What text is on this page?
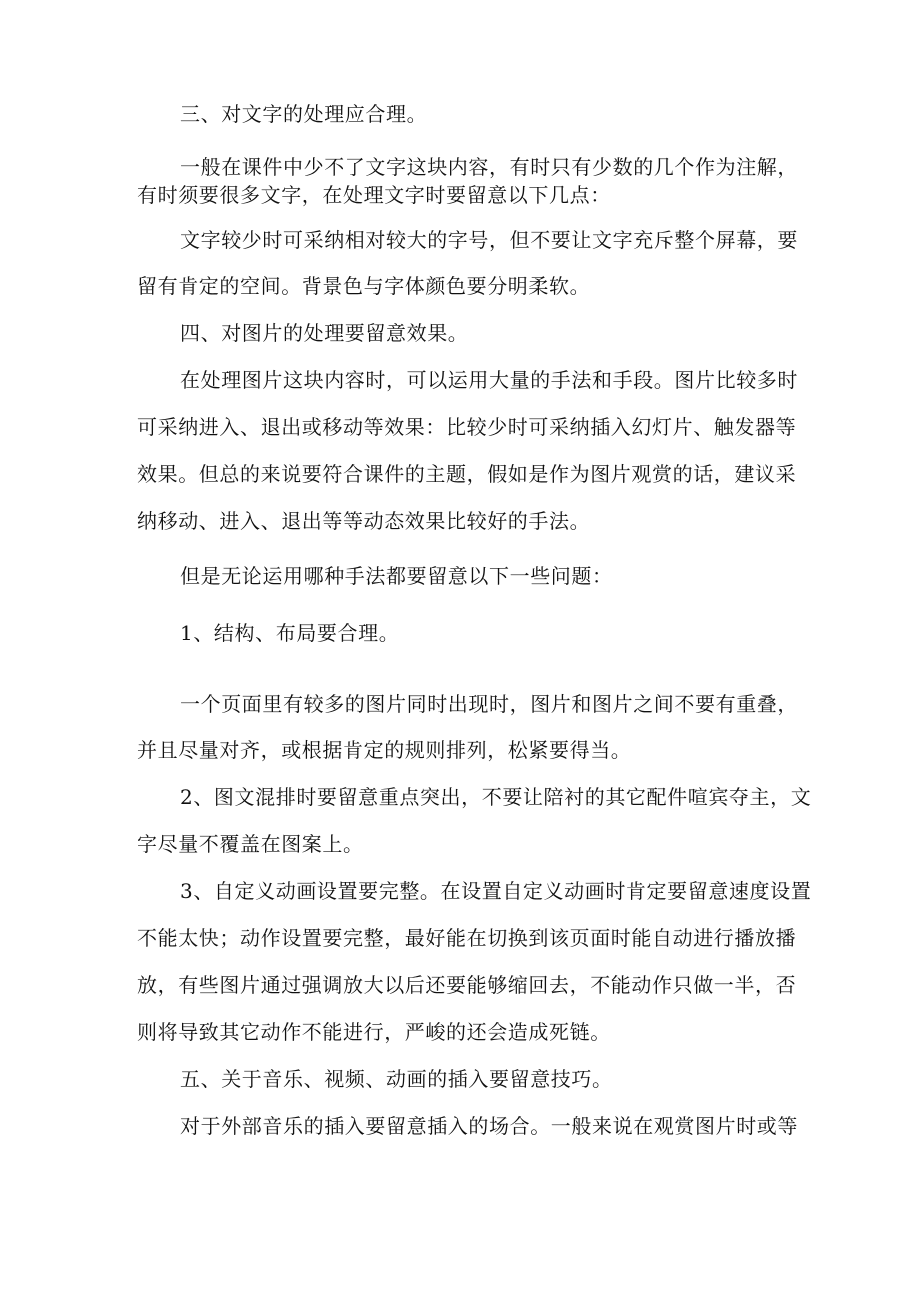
三、对文字的处理应合理。

一般在课件中少不了文字这块内容，有时只有少数的几个作为注解，

有时须要很多文字，在处理文字时要留意以下几点：

文字较少时可采纳相对较大的字号，但不要让文字充斥整个屏幕，要

留有肯定的空间。背景色与字体颜色要分明柔软。

四、对图片的处理要留意效果。

在处理图片这块内容时，可以运用大量的手法和手段。图片比较多时

可采纳进入、退出或移动等效果：比较少时可采纳插入幻灯片、触发器等

效果。但总的来说要符合课件的主题，假如是作为图片观赏的话，建议采

纳移动、进入、退出等等动态效果比较好的手法。

但是无论运用哪种手法都要留意以下一些问题：

1、结构、布局要合理。

一个页面里有较多的图片同时出现时，图片和图片之间不要有重叠，

并且尽量对齐，或根据肯定的规则排列，松紧要得当。

2、图文混排时要留意重点突出，不要让陪衬的其它配件喧宾夺主，文

字尽量不覆盖在图案上。

3、自定义动画设置要完整。在设置自定义动画时肯定要留意速度设置

不能太快；动作设置要完整，最好能在切换到该页面时能自动进行播放播

放，有些图片通过强调放大以后还要能够缩回去，不能动作只做一半，否

则将导致其它动作不能进行，严峻的还会造成死链。

五、关于音乐、视频、动画的插入要留意技巧。

对于外部音乐的插入要留意插入的场合。一般来说在观赏图片时或等
